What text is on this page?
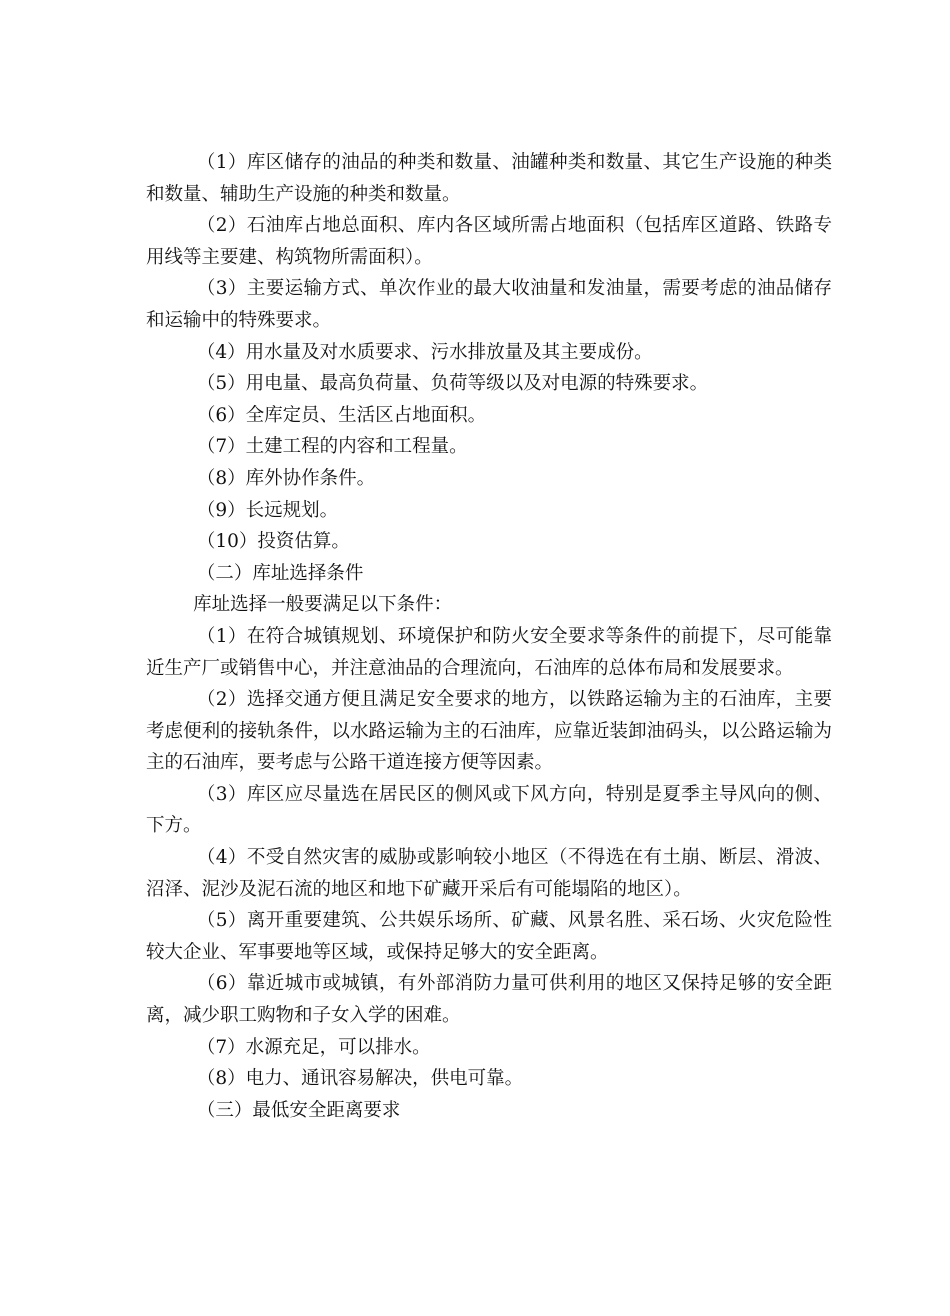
（1）库区储存的油品的种类和数量、油罐种类和数量、其它生产设施的种类和数量、辅助生产设施的种类和数量。

（2）石油库占地总面积、库内各区域所需占地面积（包括库区道路、铁路专用线等主要建、构筑物所需面积）。

（3）主要运输方式、单次作业的最大收油量和发油量，需要考虑的油品储存和运输中的特殊要求。

（4）用水量及对水质要求、污水排放量及其主要成份。

（5）用电量、最高负荷量、负荷等级以及对电源的特殊要求。

（6）全库定员、生活区占地面积。

（7）土建工程的内容和工程量。

（8）库外协作条件。

（9）长远规划。

（10）投资估算。

（二）库址选择条件

库址选择一般要满足以下条件：

（1）在符合城镇规划、环境保护和防火安全要求等条件的前提下，尽可能靠近生产厂或销售中心，并注意油品的合理流向，石油库的总体布局和发展要求。

（2）选择交通方便且满足安全要求的地方，以铁路运输为主的石油库，主要考虑便利的接轨条件，以水路运输为主的石油库，应靠近装卸油码头，以公路运输为主的石油库，要考虑与公路干道连接方便等因素。

（3）库区应尽量选在居民区的侧风或下风方向，特别是夏季主导风向的侧、下方。

（4）不受自然灾害的威胁或影响较小地区（不得选在有土崩、断层、滑波、沼泽、泥沙及泥石流的地区和地下矿藏开采后有可能塌陷的地区）。

（5）离开重要建筑、公共娱乐场所、矿藏、风景名胜、采石场、火灾危险性较大企业、军事要地等区域，或保持足够大的安全距离。

（6）靠近城市或城镇，有外部消防力量可供利用的地区又保持足够的安全距离，减少职工购物和子女入学的困难。

（7）水源充足，可以排水。

（8）电力、通讯容易解决，供电可靠。

（三）最低安全距离要求
